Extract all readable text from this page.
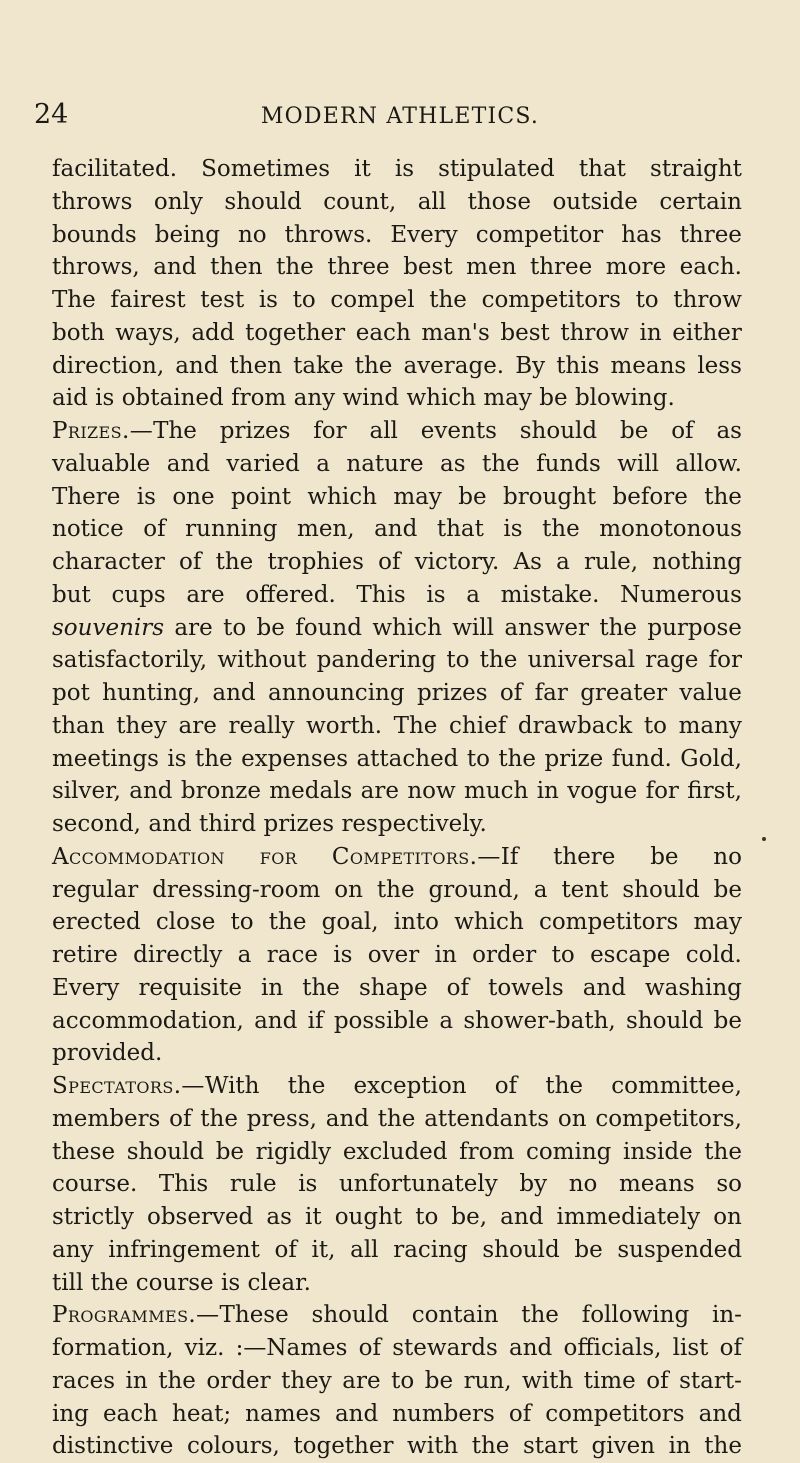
24	MODERN ATHLETICS.
facilitated. Sometimes it is stipulated that straight
throws only should count, all those outside certain
bounds being no throws. Every competitor has three
throws, and then the three best men three more each.
The fairest test is to compel the competitors to throw
both ways, add together each man's best throw in either
direction, and then take the average. By this means less
aid is obtained from any wind which may be blowing.
Prizes.—The prizes for all events should be of as
valuable and varied a nature as the funds will allow.
There is one point which may be brought before the
notice of running men, and that is the monotonous
character of the trophies of victory. As a rule, nothing
but cups are offered. This is a mistake. Numerous
souvenirs are to be found which will answer the purpose
satisfactorily, without pandering to the universal rage for
pot hunting, and announcing prizes of far greater value
than they are really worth. The chief drawback to many
meetings is the expenses attached to the prize fund. Gold,
silver, and bronze medals are now much in vogue for first,
second, and third prizes respectively.
Accommodation for Competitors.—If there be no
regular dressing-room on the ground, a tent should be
erected close to the goal, into which competitors may
retire directly a race is over in order to escape cold.
Every requisite in the shape of towels and washing
accommodation, and if possible a shower-bath, should be
provided.
Spectators.—With the exception of the committee,
members of the press, and the attendants on competitors,
these should be rigidly excluded from coming inside the
course. This rule is unfortunately by no means so
strictly observed as it ought to be, and immediately on
any infringement of it, all racing should be suspended
till the course is clear.
Programmes.—These should contain the following in-
formation, viz. :—Names of stewards and officials, list of
races in the order they are to be run, with time of start-
ing each heat; names and numbers of competitors and
distinctive colours, together with the start given in the
